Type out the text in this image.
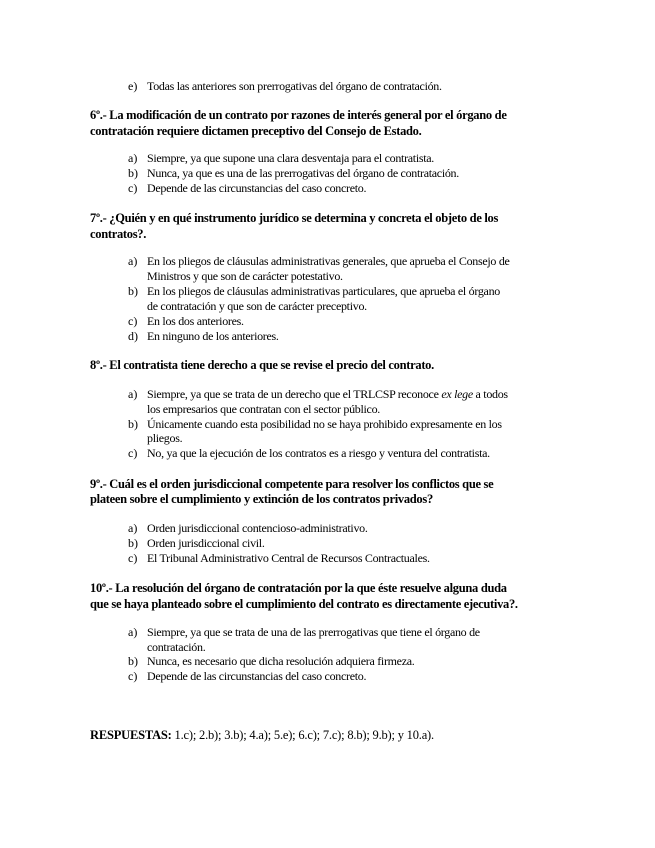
e) Todas las anteriores son prerrogativas del órgano de contratación.
6º.- La modificación de un contrato por razones de interés general por el órgano de
contratación requiere dictamen preceptivo del Consejo de Estado.
a) Siempre, ya que supone una clara desventaja para el contratista.
b) Nunca, ya que es una de las prerrogativas del órgano de contratación.
c) Depende de las circunstancias del caso concreto.
7º.- ¿Quién y en qué instrumento jurídico se determina y concreta el objeto de los
contratos?.
a) En los pliegos de cláusulas administrativas generales, que aprueba el Consejo de
Ministros y que son de carácter potestativo.
b) En los pliegos de cláusulas administrativas particulares, que aprueba el órgano
de contratación y que son de carácter preceptivo.
c) En los dos anteriores.
d) En ninguno de los anteriores.
8º.- El contratista tiene derecho a que se revise el precio del contrato.
a) Siempre, ya que se trata de un derecho que el TRLCSP reconoce ex lege a todos
los empresarios que contratan con el sector público.
b) Únicamente cuando esta posibilidad no se haya prohibido expresamente en los
pliegos.
c) No, ya que la ejecución de los contratos es a riesgo y ventura del contratista.
9º.- Cuál es el orden jurisdiccional competente para resolver los conflictos que se
plateen sobre el cumplimiento y extinción de los contratos privados?
a) Orden jurisdiccional contencioso-administrativo.
b) Orden jurisdiccional civil.
c) El Tribunal Administrativo Central de Recursos Contractuales.
10º.- La resolución del órgano de contratación por la que éste resuelve alguna duda
que se haya planteado sobre el cumplimiento del contrato es directamente ejecutiva?.
a) Siempre, ya que se trata de una de las prerrogativas que tiene el órgano de
contratación.
b) Nunca, es necesario que dicha resolución adquiera firmeza.
c) Depende de las circunstancias del caso concreto.
RESPUESTAS: 1.c); 2.b); 3.b); 4.a); 5.e); 6.c); 7.c); 8.b); 9.b); y 10.a).
